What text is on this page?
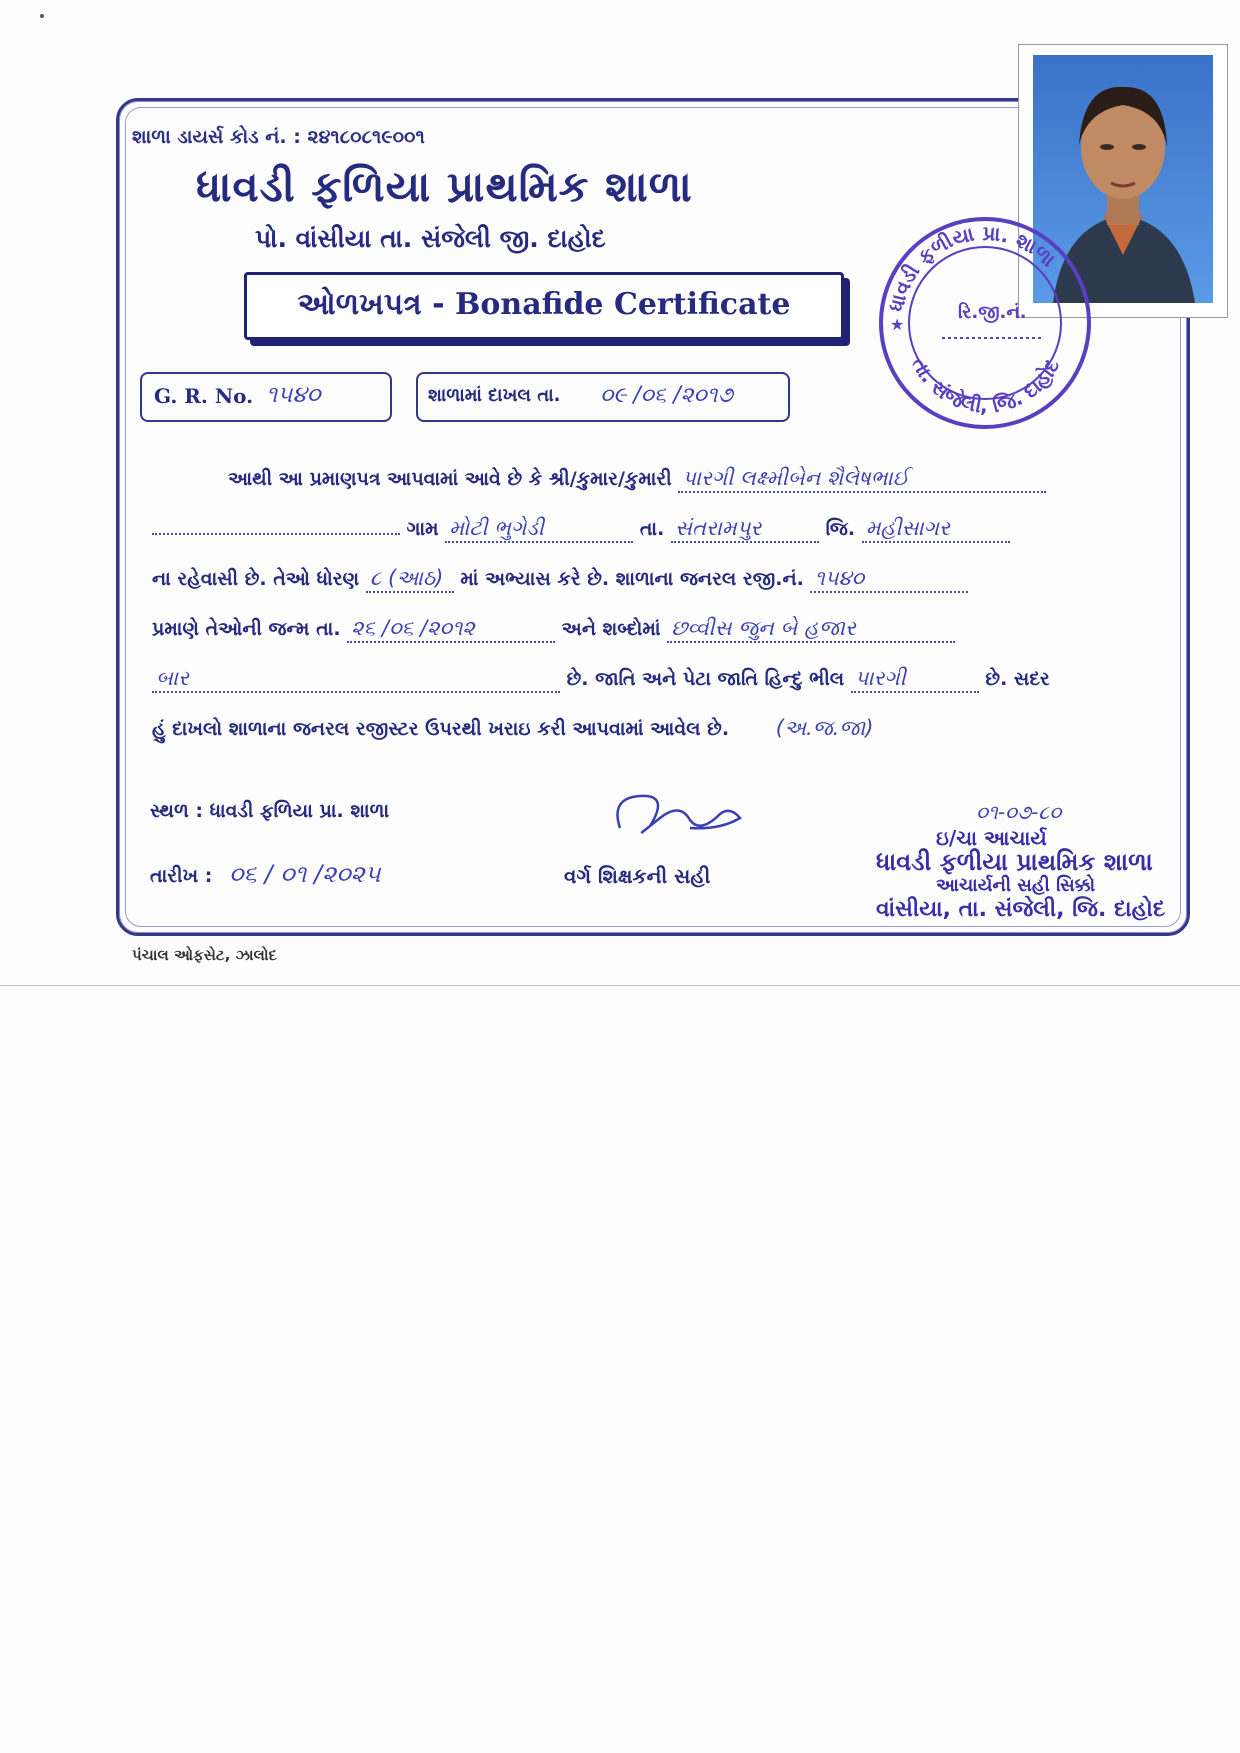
શાળા ડાયર્સ કોડ નં. : ૨૪૧૮૦૮૧૯૦૦૧
ધાવડી ફળિયા પ્રાથમિક શાળા
પો. વાંસીયા તા. સંજેલી જી. દાહોદ
ઓળખપત્ર - Bonafide Certificate
G. R. No. ૧૫૪૦	શાળામાં દાખલ તા. ૦૯ /૦૬ /૨૦૧૭
ધાવડી ફળીયા પ્રા. શાળા
રિ.જી.નં.
તા. સંજેલી, જિ. દાહોદ
★
આથી આ પ્રમાણપત્ર આપવામાં આવે છે કે શ્રી/કુમાર/કુમારી પારગી લક્ષ્મીબેન શૈલેષભાઈ
ગામ મોટી ભુગેડી	તા. સંતરામપુર	જિ. મહીસાગર
ના રહેવાસી છે. તેઓ ધોરણ ૮ (આઠ) માં અભ્યાસ કરે છે. શાળાના જનરલ રજી.નં. ૧૫૪૦
પ્રમાણે તેઓની જન્મ તા. ૨૬ /૦૬ /૨૦૧૨	અને શબ્દોમાં છવ્વીસ જુન બે હજાર
બાર	છે. જાતિ અને પેટા જાતિ હિન્દુ ભીલ પારગી	છે. સદર
હું દાખલો શાળાના જનરલ રજીસ્ટર ઉપરથી ખરાઇ કરી આપવામાં આવેલ છે. (અ.જ.જા)
સ્થળ : ધાવડી ફળિયા પ્રા. શાળા
તારીખ : ૦૬ / ૦૧ /૨૦૨૫	વર્ગ શિક્ષકની સહી
૦૧-૦૭-૮૦
ઇ/ચા આચાર્ય
ધાવડી ફળીયા પ્રાથમિક શાળા
આચાર્યની સહી સિક્કો
વાંસીયા, તા. સંજેલી, જિ. દાહોદ
પંચાલ ઓફસેટ, ઝાલોદ
